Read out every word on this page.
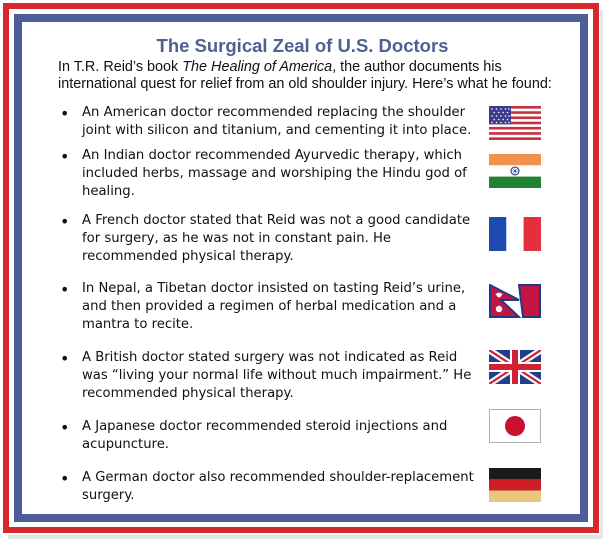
The Surgical Zeal of U.S. Doctors
In T.R. Reid’s book The Healing of America, the author documents his international quest for relief from an old shoulder injury. Here’s what he found:
• An American doctor recommended replacing the shoulder joint with silicon and titanium, and cementing it into place.
• An Indian doctor recommended Ayurvedic therapy, which included herbs, massage and worshiping the Hindu god of healing.
• A French doctor stated that Reid was not a good candidate for surgery, as he was not in constant pain. He recommended physical therapy.
• In Nepal, a Tibetan doctor insisted on tasting Reid’s urine, and then provided a regimen of herbal medication and a mantra to recite.
• A British doctor stated surgery was not indicated as Reid was “living your normal life without much impairment.” He recommended physical therapy.
• A Japanese doctor recommended steroid injections and acupuncture.
• A German doctor also recommended shoulder-replacement surgery.
